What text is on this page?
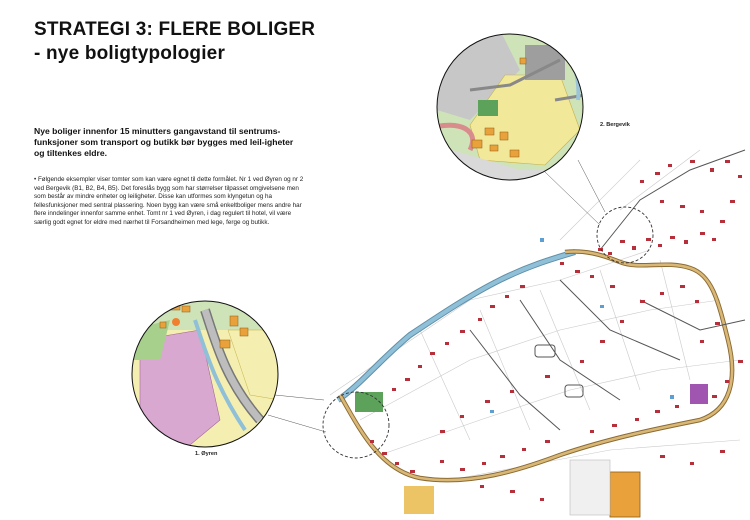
STRATEGI 3: FLERE BOLIGER
- nye boligtypologier

Nye boliger innenfor 15 minutters gangavstand til sentrums-funksjoner som transport og butikk bør bygges med leil-igheter og tiltenkes eldre.

• Følgende eksempler viser tomter som kan være egnet til dette formålet. Nr 1 ved Øyren og nr 2 ved Bergevik (B1, B2, B4, B5). Det foreslås bygg som har størrelser tilpasset omgivelsene men som består av mindre enheter og leiligheter. Disse kan utformes som klyngetun og ha fellesfunksjoner med sentral plassering. Noen bygg kan være små enkeltboliger mens andre har flere inndelinger innenfor samme enhet. Tomt nr 1 ved Øyren, i dag regulert til hotel, vil være særlig godt egnet for eldre med nærhet til Forsandheimen med lege, ferge og butikk.

2. Bergevik
1. Øyren
